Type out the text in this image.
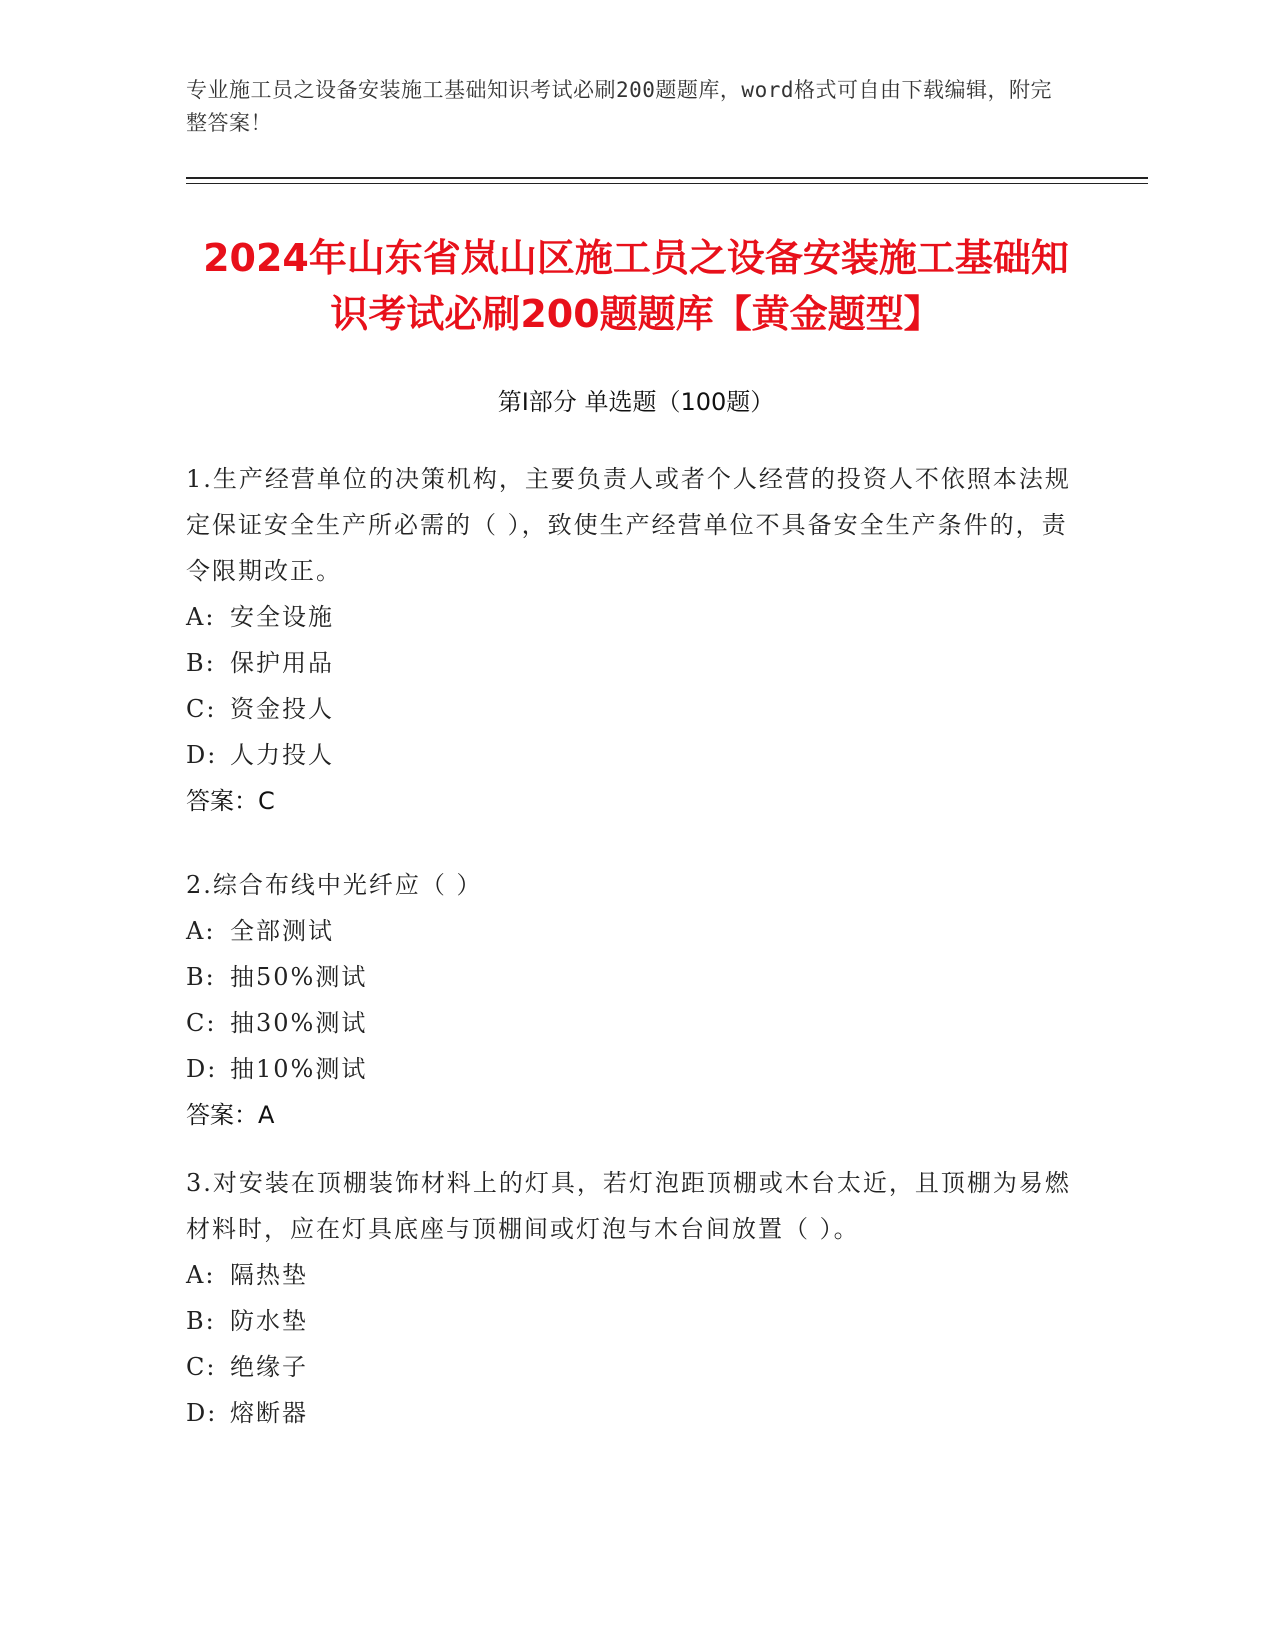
专业施工员之设备安装施工基础知识考试必刷200题题库，word格式可自由下载编辑，附完整答案！
2024年山东省岚山区施工员之设备安装施工基础知识考试必刷200题题库【黄金题型】
第Ⅰ部分 单选题（100题）
1.生产经营单位的决策机构，主要负责人或者个人经营的投资人不依照本法规定保证安全生产所必需的（ ），致使生产经营单位不具备安全生产条件的，责令限期改正。
A: 安全设施
B: 保护用品
C: 资金投人
D: 人力投人
答案：C
2.综合布线中光纤应（ ）
A: 全部测试
B: 抽50%测试
C: 抽30%测试
D: 抽10%测试
答案：A
3.对安装在顶棚装饰材料上的灯具，若灯泡距顶棚或木台太近，且顶棚为易燃材料时，应在灯具底座与顶棚间或灯泡与木台间放置（ ）。
A: 隔热垫
B: 防水垫
C: 绝缘子
D: 熔断器
